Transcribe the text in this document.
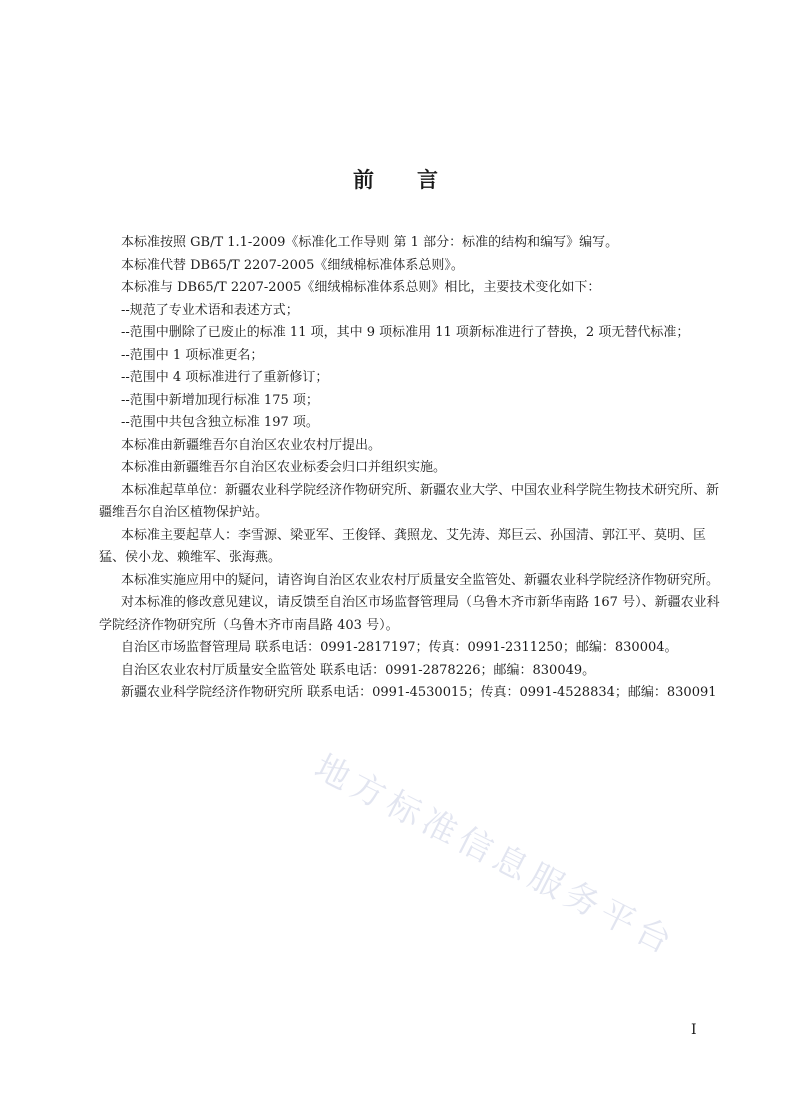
前 言

本标准按照 GB/T 1.1-2009《标准化工作导则 第 1 部分：标准的结构和编写》编写。

本标准代替 DB65/T 2207-2005《细绒棉标准体系总则》。

本标准与 DB65/T 2207-2005《细绒棉标准体系总则》相比，主要技术变化如下：

--规范了专业术语和表述方式；

--范围中删除了已废止的标准 11 项，其中 9 项标准用 11 项新标准进行了替换，2 项无替代标准；

--范围中 1 项标准更名；

--范围中 4 项标准进行了重新修订；

--范围中新增加现行标准 175 项；

--范围中共包含独立标准 197 项。

本标准由新疆维吾尔自治区农业农村厅提出。

本标准由新疆维吾尔自治区农业标委会归口并组织实施。

本标准起草单位：新疆农业科学院经济作物研究所、新疆农业大学、中国农业科学院生物技术研究所、新疆维吾尔自治区植物保护站。

本标准主要起草人：李雪源、梁亚军、王俊铎、龚照龙、艾先涛、郑巨云、孙国清、郭江平、莫明、匡猛、侯小龙、赖维军、张海燕。

本标准实施应用中的疑问，请咨询自治区农业农村厅质量安全监管处、新疆农业科学院经济作物研究所。

对本标准的修改意见建议，请反馈至自治区市场监督管理局（乌鲁木齐市新华南路 167 号）、新疆农业科学院经济作物研究所（乌鲁木齐市南昌路 403 号）。

自治区市场监督管理局 联系电话：0991-2817197；传真：0991-2311250；邮编：830004。

自治区农业农村厅质量安全监管处 联系电话：0991-2878226；邮编：830049。

新疆农业科学院经济作物研究所 联系电话：0991-4530015；传真：0991-4528834；邮编：830091

地方标准信息服务平台
I
